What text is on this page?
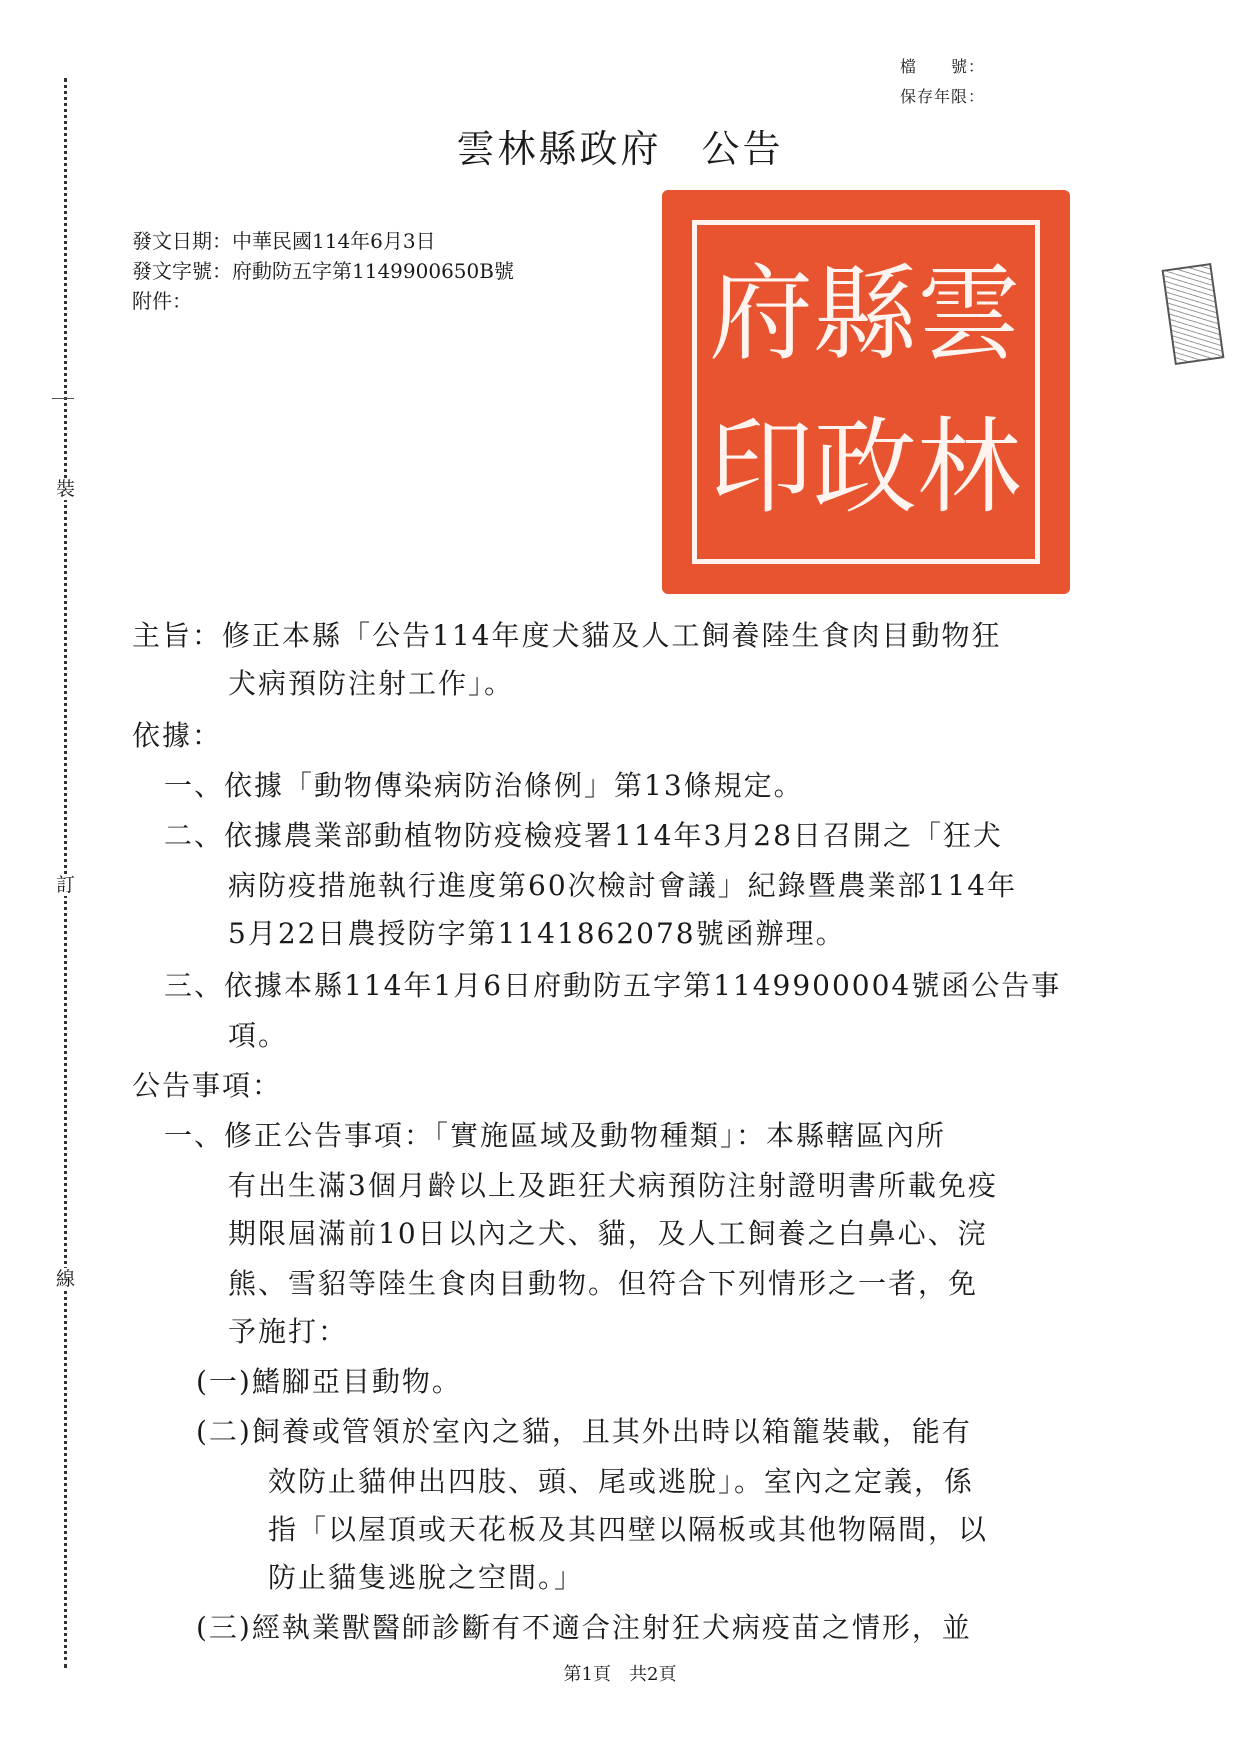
裝
訂
線
檔　　號：
保存年限：
雲林縣政府 公告
發文日期：中華民國114年6月3日
發文字號：府動防五字第1149900650B號
附件：	雲
林
縣
政
府
印
主旨：修正本縣「公告114年度犬貓及人工飼養陸生食肉目動物狂
犬病預防注射工作」。
依據：
一、依據「動物傳染病防治條例」第13條規定。
二、依據農業部動植物防疫檢疫署114年3月28日召開之「狂犬
病防疫措施執行進度第60次檢討會議」紀錄暨農業部114年
5月22日農授防字第1141862078號函辦理。
三、依據本縣114年1月6日府動防五字第1149900004號函公告事
項。
公告事項：
一、修正公告事項：「實施區域及動物種類」：本縣轄區內所
有出生滿3個月齡以上及距狂犬病預防注射證明書所載免疫
期限屆滿前10日以內之犬、貓，及人工飼養之白鼻心、浣
熊、雪貂等陸生食肉目動物。但符合下列情形之一者，免
予施打：
(一)鰭腳亞目動物。
(二)飼養或管領於室內之貓，且其外出時以箱籠裝載，能有
效防止貓伸出四肢、頭、尾或逃脫」。室內之定義，係
指「以屋頂或天花板及其四壁以隔板或其他物隔間，以
防止貓隻逃脫之空間。」
(三)經執業獸醫師診斷有不適合注射狂犬病疫苗之情形，並
第1頁 共2頁
